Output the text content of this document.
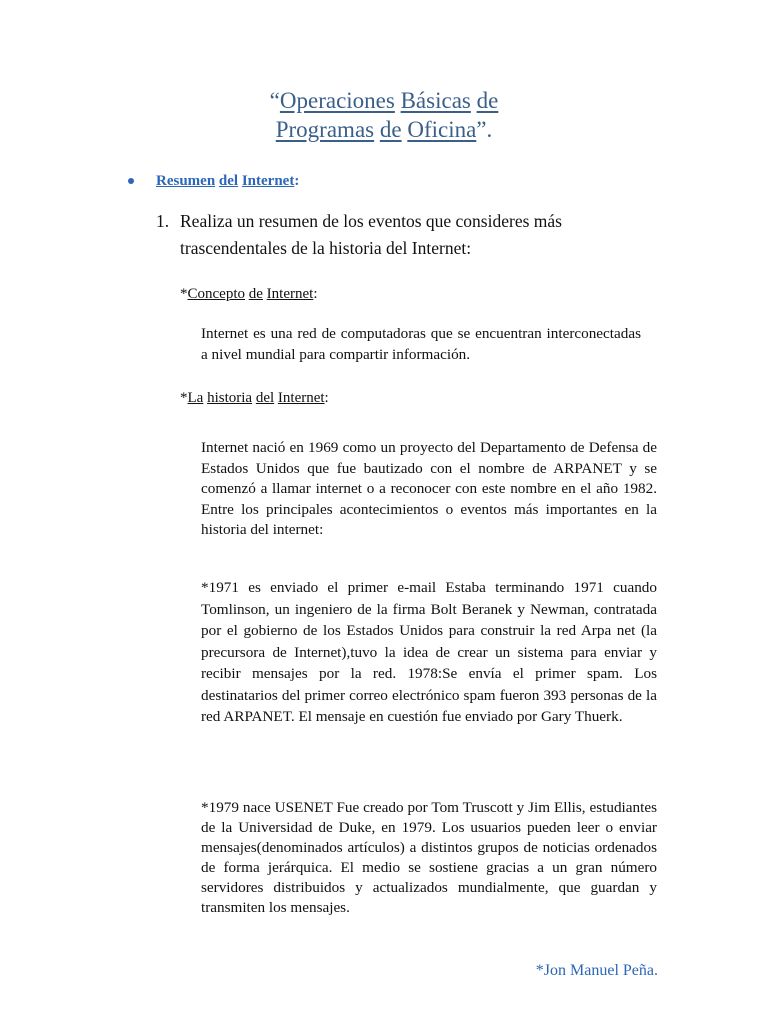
“Operaciones Básicas de
Programas de Oficina”.
Resumen del Internet:
1. Realiza un resumen de los eventos que consideres más trascendentales de la historia del Internet:
*Concepto de Internet:
Internet es una red de computadoras que se encuentran interconectadas a nivel mundial para compartir información.
*La historia del Internet:
Internet nació en 1969 como un proyecto del Departamento de Defensa de Estados Unidos que fue bautizado con el nombre de ARPANET y se comenzó a llamar internet o a reconocer con este nombre en el año 1982. Entre los principales acontecimientos o eventos más importantes en la historia del internet:
*1971 es enviado el primer e-mail Estaba terminando 1971 cuando Tomlinson, un ingeniero de la firma Bolt Beranek y Newman, contratada por el gobierno de los Estados Unidos para construir la red Arpa net (la precursora de Internet),tuvo la idea de crear un sistema para enviar y recibir mensajes por la red. 1978:Se envía el primer spam. Los destinatarios del primer correo electrónico spam fueron 393 personas de la red ARPANET. El mensaje en cuestión fue enviado por Gary Thuerk.
*1979 nace USENET Fue creado por Tom Truscott y Jim Ellis, estudiantes de la Universidad de Duke, en 1979. Los usuarios pueden leer o enviar mensajes(denominados artículos) a distintos grupos de noticias ordenados de forma jerárquica. El medio se sostiene gracias a un gran número servidores distribuidos y actualizados mundialmente, que guardan y transmiten los mensajes.
*Jon Manuel Peña.
